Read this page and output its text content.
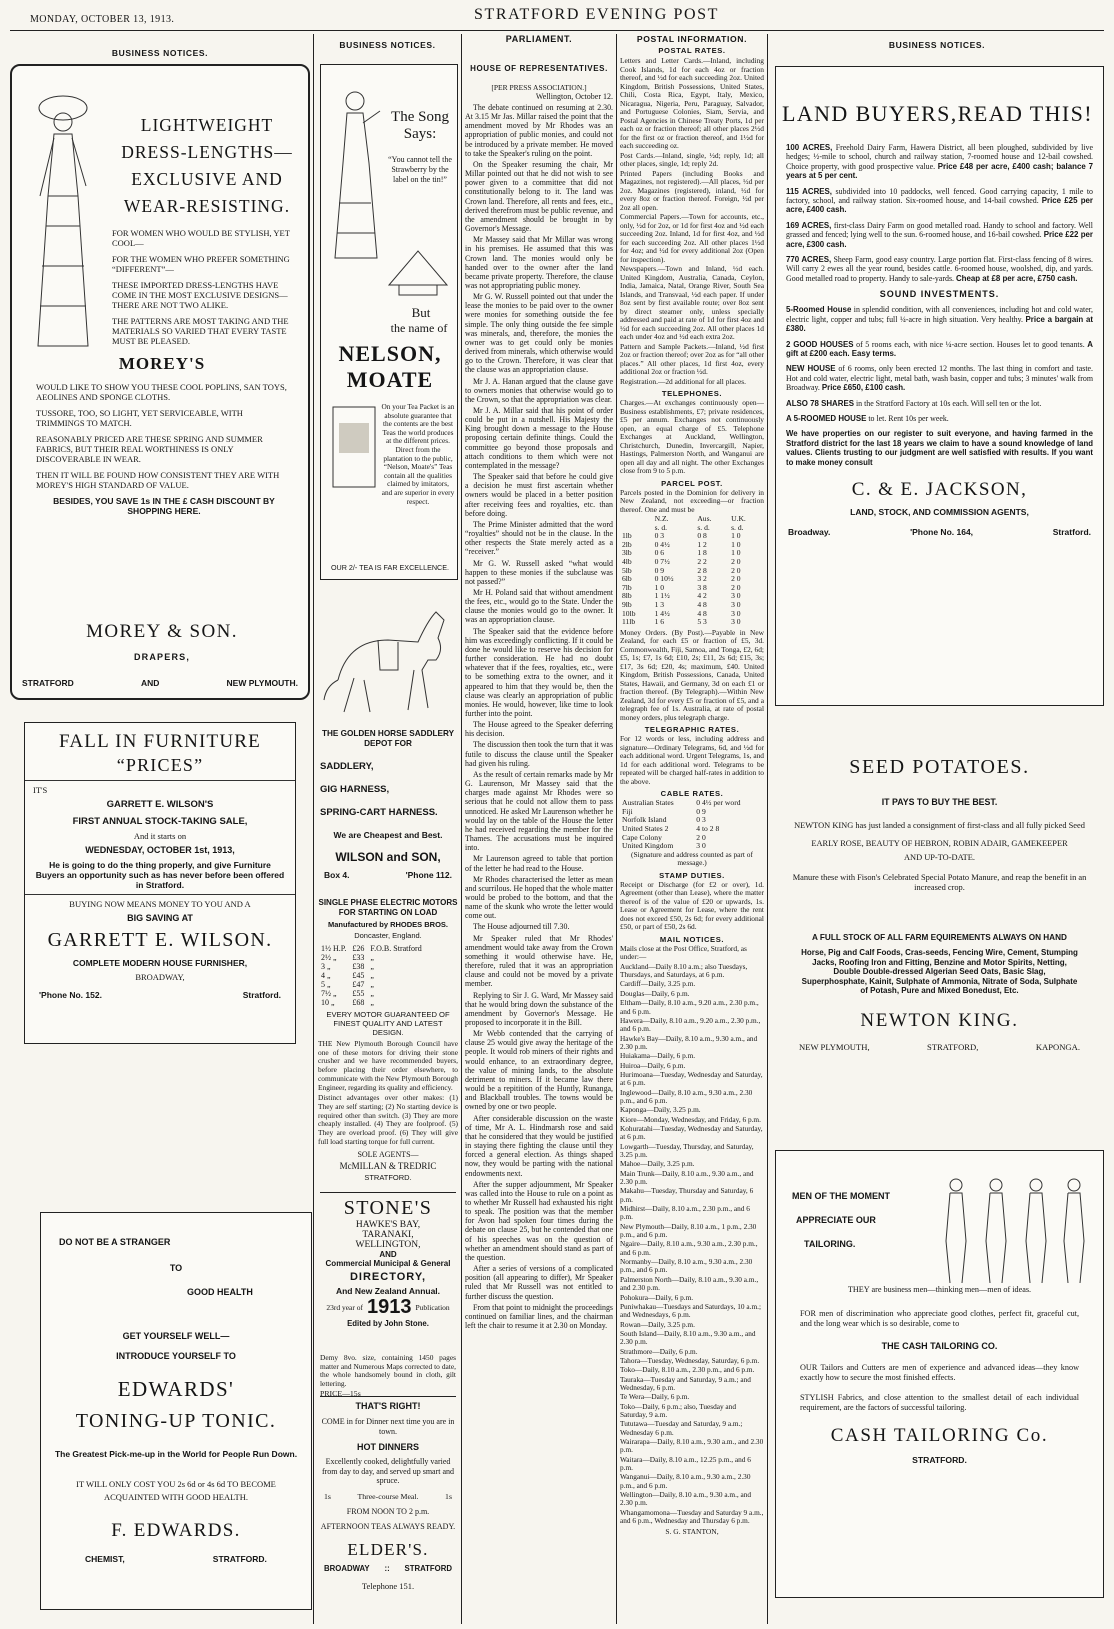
MONDAY, OCTOBER 13, 1913.	STRATFORD EVENING POST
BUSINESS NOTICES.

LIGHTWEIGHT

DRESS-LENGTHS—

EXCLUSIVE AND

WEAR-RESISTING.

FOR WOMEN WHO WOULD BE STYLISH, YET COOL—

FOR THE WOMEN WHO PREFER SOMETHING “DIFFERENT”—

THESE IMPORTED DRESS-LENGTHS HAVE COME IN THE MOST EXCLUSIVE DESIGNS—THERE ARE NOT TWO ALIKE.

THE PATTERNS ARE MOST TAKING AND THE MATERIALS SO VARIED THAT EVERY TASTE MUST BE PLEASED.

MOREY'S

WOULD LIKE TO SHOW YOU THESE COOL POPLINS, SAN TOYS, AEOLINES AND SPONGE CLOTHS.

TUSSORE, TOO, SO LIGHT, YET SERVICEABLE, WITH TRIMMINGS TO MATCH.

REASONABLY PRICED ARE THESE SPRING AND SUMMER FABRICS, BUT THEIR REAL WORTHINESS IS ONLY DISCOVERABLE IN WEAR.

THEN IT WILL BE FOUND HOW CONSISTENT THEY ARE WITH MOREY'S HIGH STANDARD OF VALUE.

BESIDES, YOU SAVE 1s IN THE £ CASH DISCOUNT BY SHOPPING HERE.

MOREY & SON.

DRAPERS,

STRATFORD	AND	NEW PLYMOUTH.

FALL IN FURNITURE

“PRICES”

IT'S

GARRETT E. WILSON'S

FIRST ANNUAL STOCK-TAKING SALE,

And it starts on

WEDNESDAY, OCTOBER 1st, 1913,

He is going to do the thing properly, and give Furniture Buyers an opportunity such as has never before been offered in Stratford.

BUYING NOW MEANS MONEY TO YOU AND A

BIG SAVING AT

GARRETT E. WILSON.

COMPLETE MODERN HOUSE FURNISHER,

BROADWAY,

'Phone No. 152.	Stratford.

DO NOT BE A STRANGER

TO

GOOD HEALTH

GET YOURSELF WELL—

INTRODUCE YOURSELF TO

EDWARDS'

TONING-UP TONIC.

The Greatest Pick-me-up in the World for People Run Down.

IT WILL ONLY COST YOU 2s 6d or 4s 6d TO BECOME ACQUAINTED WITH GOOD HEALTH.

F. EDWARDS.

CHEMIST,	STRATFORD.
BUSINESS NOTICES.

The Song

Says:

“You cannot tell the Strawberry by the label on the tin!”

But

the name of

NELSON,

MOATE

On your Tea Packet is an absolute guarantee that the contents are the best Teas the world produces at the different prices. Direct from the plantation to the public, “Nelson, Moate's” Teas contain all the qualities claimed by imitators, and are superior in every respect.

OUR 2/- TEA IS FAR EXCELLENCE.

THE GOLDEN HORSE SADDLERY DEPOT FOR

SADDLERY,

GIG HARNESS,

SPRING-CART HARNESS.

We are Cheapest and Best.

WILSON and SON,

Box 4.	'Phone 112.

SINGLE PHASE ELECTRIC MOTORS FOR STARTING ON LOAD

Manufactured by RHODES BROS.

Doncaster, England.

1½ H.P.	£26	F.O.B. Stratford
2½ „	£33	„
3 „	£38	„
4 „	£45	„
5 „	£47	„
7½ „	£55	„
10 „	£68	„

EVERY MOTOR GUARANTEED OF FINEST QUALITY AND LATEST DESIGN.

THE New Plymouth Borough Council have one of these motors for driving their stone crusher and we have recommended buyers, before placing their order elsewhere, to communicate with the New Plymouth Borough Engineer, regarding its quality and efficiency.

Distinct advantages over other makes: (1) They are self starting; (2) No starting device is required other than switch. (3) They are more cheaply installed. (4) They are foolproof. (5) They are overload proof. (6) They will give full load starting torque for full current.

SOLE AGENTS—

McMILLAN & TREDRIC

STRATFORD.

STONE'S

HAWKE'S BAY,

TARANAKI,

WELLINGTON,

AND

Commercial Municipal & General

DIRECTORY,

And New Zealand Annual.

23rd year of 1913 Publication

Edited by John Stone.

Demy 8vo. size, containing 1450 pages matter and Numerous Maps corrected to date, the whole handsomely bound in cloth, gilt lettering.

PRICE—15s

THAT'S RIGHT!

COME in for Dinner next time you are in town.

HOT DINNERS

Excellently cooked, delightfully varied from day to day, and served up smart and spruce.

1s	Three-course Meal.	1s

FROM NOON TO 2 p.m.

AFTERNOON TEAS ALWAYS READY.

ELDER'S.

BROADWAY :: STRATFORD

Telephone 151.

PARLIAMENT.

HOUSE OF REPRESENTATIVES.

[PER PRESS ASSOCIATION.]

Wellington, October 12.

The debate continued on resuming at 2.30. At 3.15 Mr Jas. Millar raised the point that the amendment moved by Mr Rhodes was an appropriation of public monies, and could not be introduced by a private member. He moved to take the Speaker's ruling on the point.

On the Speaker resuming the chair, Mr Millar pointed out that he did not wish to see power given to a committee that did not constitutionally belong to it. The land was Crown land. Therefore, all rents and fees, etc., derived therefrom must be public revenue, and the amendment should be brought in by Governor's Message.

Mr Massey said that Mr Millar was wrong in his premises. He assumed that this was Crown land. The monies would only be handed over to the owner after the land became private property. Therefore, the clause was not appropriating public money.

Mr G. W. Russell pointed out that under the lease the monies to be paid over to the owner were monies for something outside the fee simple. The only thing outside the fee simple was minerals, and, therefore, the monies the owner was to get could only be monies derived from minerals, which otherwise would go to the Crown. Therefore, it was clear that the clause was an appropriation clause.

Mr J. A. Hanan argued that the clause gave to owners monies that otherwise would go to the Crown, so that the appropriation was clear.

Mr J. A. Millar said that his point of order could be put in a nutshell. His Majesty the King brought down a message to the House proposing certain definite things. Could the committee go beyond those proposals and attach conditions to them which were not contemplated in the message?

The Speaker said that before he could give a decision he must first ascertain whether owners would be placed in a better position after receiving fees and royalties, etc. than before doing.

The Prime Minister admitted that the word “royalties” should not be in the clause. In the other respects the State merely acted as a “receiver.”

Mr G. W. Russell asked “what would happen to these monies if the subclause was not passed?”

Mr H. Poland said that without amendment the fees, etc., would go to the State. Under the clause the monies would go to the owner. It was an appropriation clause.

The Speaker said that the evidence before him was exceedingly conflicting. If it could be done he would like to reserve his decision for further consideration. He had no doubt whatever that if the fees, royalties, etc., were to be something extra to the owner, and it appeared to him that they would be, then the clause was clearly an appropriation of public monies. He would, however, like time to look further into the point.

The House agreed to the Speaker deferring his decision.

The discussion then took the turn that it was futile to discuss the clause until the Speaker had given his ruling.

As the result of certain remarks made by Mr G. Laurenson, Mr Massey said that the charges made against Mr Rhodes were so serious that he could not allow them to pass unnoticed. He asked Mr Laurenson whether he would lay on the table of the House the letter he had received regarding the member for the Thames. The accusations must be inquired into.

Mr Laurenson agreed to table that portion of the letter he had read to the House.

Mr Rhodes characterised the letter as mean and scurrilous. He hoped that the whole matter would be probed to the bottom, and that the name of the skunk who wrote the letter would come out.

The House adjourned till 7.30.

Mr Speaker ruled that Mr Rhodes' amendment would take away from the Crown something it would otherwise have. He, therefore, ruled that it was an appropriation clause and could not be moved by a private member.

Replying to Sir J. G. Ward, Mr Massey said that he would bring down the substance of the amendment by Governor's Message. He proposed to incorporate it in the Bill.

Mr Webb contended that the carrying of clause 25 would give away the heritage of the people. It would rob miners of their rights and would enhance, to an extraordinary degree, the value of mining lands, to the absolute detriment to miners. If it became law there would be a repitition of the Huntly, Runanga, and Blackball troubles. The towns would be owned by one or two people.

After considerable discussion on the waste of time, Mr A. L. Hindmarsh rose and said that he considered that they would be justified in staying there fighting the clause until they forced a general election. As things shaped now, they would be parting with the national endowments next.

After the supper adjournment, Mr Speaker was called into the House to rule on a point as to whether Mr Russell had exhausted his right to speak. The position was that the member for Avon had spoken four times during the debate on clause 25, but he contended that one of his speeches was on the question of whether an amendment should stand as part of the question.

After a series of versions of a complicated position (all appearing to differ), Mr Speaker ruled that Mr Russell was not entitled to further discuss the question.

From that point to midnight the proceedings continued on familiar lines, and the chairman left the chair to resume it at 2.30 on Monday.

POSTAL INFORMATION.

POSTAL RATES.

Letters and Letter Cards.—Inland, including Cook Islands, 1d for each 4oz or fraction thereof, and ½d for each succeeding 2oz. United Kingdom, British Possessions, United States, Chili, Costa Rica, Egypt, Italy, Mexico, Nicaragua, Nigeria, Peru, Paraguay, Salvador, and Portuguese Colonies, Siam, Servia, and Postal Agencies in Chinese Treaty Ports, 1d per each oz or fraction thereof; all other places 2½d for the first oz or fraction thereof, and 1½d for each succeeding oz.

Post Cards.—Inland, single, ½d; reply, 1d; all other places, single, 1d; reply 2d.

Printed Papers (including Books and Magazines, not registered).—All places, ½d per 2oz. Magazines (registered), inland, ½d for every 8oz or fraction thereof. Foreign, ½d per 2oz all open.

Commercial Papers.—Town for accounts, etc., only, ½d for 2oz, or 1d for first 4oz and ½d each succeeding 2oz. Inland, 1d for first 4oz, and ½d for each succeeding 2oz. All other places 1½d for 4oz; and ½d for every additional 2oz (Open for inspection).

Newspapers.—Town and Inland, ½d each. United Kingdom, Australia, Canada, Ceylon, India, Jamaica, Natal, Orange River, South Sea Islands, and Transvaal, ½d each paper. If under 8oz sent by first available route; over 8oz sent by direct steamer only, unless specially addressed and paid at rate of 1d for first 4oz and ½d for each succeeding 2oz. All other places 1d each under 4oz and ½d each extra 2oz.

Pattern and Sample Packets.—Inland, ½d first 2oz or fraction thereof; over 2oz as for “all other places.” All other places, 1d first 4oz, every additional 2oz or fraction ½d.

Registration.—2d additional for all places.

TELEPHONES.

Charges.—At exchanges continuously open—Business establishments, £7; private residences, £5 per annum. Exchanges not continuously open, an equal charge of £5. Telephone Exchanges at Auckland, Wellington, Christchurch, Dunedin, Invercargill, Napier, Hastings, Palmerston North, and Wanganui are open all day and all night. The other Exchanges close from 9 to 5 p.m.

PARCEL POST.

Parcels posted in the Dominion for delivery in New Zealand, not exceeding—or fraction thereof. One and must be

	N.Z.	Aus.	U.K.
	s. d.	s. d.	s. d.
1lb	0 3	0 8	1 0
2lb	0 4½	1 2	1 0
3lb	0 6	1 8	1 0
4lb	0 7½	2 2	2 0
5lb	0 9	2 8	2 0
6lb	0 10½	3 2	2 0
7lb	1 0	3 8	2 0
8lb	1 1½	4 2	3 0
9lb	1 3	4 8	3 0
10lb	1 4½	4 8	3 0
11lb	1 6	5 3	3 0

Money Orders. (By Post).—Payable in New Zealand, for each £5 or fraction of £5, 3d. Commonwealth, Fiji, Samoa, and Tonga, £2, 6d; £5, 1s; £7, 1s 6d; £10, 2s; £11, 2s 6d; £15, 3s; £17, 3s 6d; £20, 4s; maximum, £40. United Kingdom, British Possessions, Canada, United States, Hawaii, and Germany, 3d on each £1 or fraction thereof. (By Telegraph).—Within New Zealand, 3d for every £5 or fraction of £5, and a telegraph fee of 1s. Australia, at rate of postal money orders, plus telegraph charge.

TELEGRAPHIC RATES.

For 12 words or less, including address and signature—Ordinary Telegrams, 6d, and ½d for each additional word. Urgent Telegrams, 1s, and 1d for each additional word. Telegrams to be repeated will be charged half-rates in addition to the above.

CABLE RATES.

Australian States	0 4½ per word	
Fiji	0 9	
Norfolk Island	0 3	
United States 2	4 to 2 8	
Cape Colony	2 0	
United Kingdom	3 0	

(Signature and address counted as part of message.)

STAMP DUTIES.

Receipt or Discharge (for £2 or over), 1d. Agreement (other than Lease), where the matter thereof is of the value of £20 or upwards, 1s. Lease or Agreement for Lease, where the rent does not exceed £50, 2s 6d; for every additional £50, or part of £50, 2s 6d.

MAIL NOTICES.

Mails close at the Post Office, Stratford, as under:—

Auckland—Daily 8.10 a.m.; also Tuesdays, Thursdays, and Saturdays, at 6 p.m.

Cardiff—Daily, 3.25 p.m.

Douglas—Daily, 6 p.m.

Eltham—Daily, 8.10 a.m., 9.20 a.m., 2.30 p.m., and 6 p.m.

Hawera—Daily, 8.10 a.m., 9.20 a.m., 2.30 p.m., and 6 p.m.

Hawke's Bay—Daily, 8.10 a.m., 9.30 a.m., and 2.30 p.m.

Huiakama—Daily, 6 p.m.

Huiroa—Daily, 6 p.m.

Hurimoana—Tuesday, Wednesday and Saturday, at 6 p.m.

Inglewood—Daily, 8.10 a.m., 9.30 a.m., 2.30 p.m., and 6 p.m.

Kaponga—Daily, 3.25 p.m.

Kiore—Monday, Wednesday, and Friday, 6 p.m.

Kohuratahi—Tuesday, Wednesday and Saturday, at 6 p.m.

Lowgarth—Tuesday, Thursday, and Saturday, 3.25 p.m.

Mahoe—Daily, 3.25 p.m.

Main Trunk—Daily, 8.10 a.m., 9.30 a.m., and 2.30 p.m.

Makahu—Tuesday, Thursday and Saturday, 6 p.m.

Midhirst—Daily, 8.10 a.m., 2.30 p.m., and 6 p.m.

New Plymouth—Daily, 8.10 a.m., 1 p.m., 2.30 p.m., and 6 p.m.

Ngaire—Daily, 8.10 a.m., 9.30 a.m., 2.30 p.m., and 6 p.m.

Normanby—Daily, 8.10 a.m., 9.30 a.m., 2.30 p.m., and 6 p.m.

Palmerston North—Daily, 8.10 a.m., 9.30 a.m., and 2.30 p.m.

Pohokura—Daily, 6 p.m.

Puniwhakau—Tuesdays and Saturdays, 10 a.m.; and Wednesdays, 6 p.m.

Rowan—Daily, 3.25 p.m.

South Island—Daily, 8.10 a.m., 9.30 a.m., and 2.30 p.m.

Strathmore—Daily, 6 p.m.

Tahora—Tuesday, Wednesday, Saturday, 6 p.m.

Toko—Daily, 8.10 a.m., 2.30 p.m., and 6 p.m.

Tauraka—Tuesday and Saturday, 9 a.m.; and Wednesday, 6 p.m.

Te Wera—Daily, 6 p.m.

Toko—Daily, 6 p.m.; also, Tuesday and Saturday, 9 a.m.

Tututawa—Tuesday and Saturday, 9 a.m.; Wednesday 6 p.m.

Wairarapa—Daily, 8.10 a.m., 9.30 a.m., and 2.30 p.m.

Waitara—Daily, 8.10 a.m., 12.25 p.m., and 6 p.m.

Wanganui—Daily, 8.10 a.m., 9.30 a.m., 2.30 p.m., and 6 p.m.

Wellington—Daily, 8.10 a.m., 9.30 a.m., and 2.30 p.m.

Whangamomona—Tuesday and Saturday 9 a.m., and 6 p.m., Wednesday and Thursday 6 p.m.

S. G. STANTON,

BUSINESS NOTICES.
LAND BUYERS, READ THIS!

100 ACRES, Freehold Dairy Farm, Hawera District, all been ploughed, subdivided by live hedges; ½-mile to school, church and railway station, 7-roomed house and 12-bail cowshed. Choice property, with good prospective value. Price £48 per acre, £400 cash; balance 7 years at 5 per cent.

115 ACRES, subdivided into 10 paddocks, well fenced. Good carrying capacity, 1 mile to factory, school, and railway station. Six-roomed house, and 14-bail cowshed. Price £25 per acre, £400 cash.

169 ACRES, first-class Dairy Farm on good metalled road. Handy to school and factory. Well grassed and fenced; lying well to the sun. 6-roomed house, and 16-bail cowshed. Price £22 per acre, £300 cash.

770 ACRES, Sheep Farm, good easy country. Large portion flat. First-class fencing of 8 wires. Will carry 2 ewes all the year round, besides cattle. 6-roomed house, woolshed, dip, and yards. Good metalled road to property. Handy to sale-yards. Cheap at £8 per acre, £750 cash.

SOUND INVESTMENTS.

5-Roomed House in splendid condition, with all conveniences, including hot and cold water, electric light, copper and tubs; full ¼-acre in high situation. Very healthy. Price a bargain at £380.

2 GOOD HOUSES of 5 rooms each, with nice ¼-acre section. Houses let to good tenants. A gift at £200 each. Easy terms.

NEW HOUSE of 6 rooms, only been erected 12 months. The last thing in comfort and taste. Hot and cold water, electric light, metal bath, wash basin, copper and tubs; 3 minutes' walk from Broadway. Price £650, £100 cash.

ALSO 78 SHARES in the Stratford Factory at 10s each. Will sell ten or the lot.

A 5-ROOMED HOUSE to let. Rent 10s per week.

We have properties on our register to suit everyone, and having farmed in the Stratford district for the last 18 years we claim to have a sound knowledge of land values. Clients trusting to our judgment are well satisfied with results. If you want to make money consult

C. & E. JACKSON,

LAND, STOCK, AND COMMISSION AGENTS,

Broadway.	'Phone No. 164,	Stratford.

SEED POTATOES.

IT PAYS TO BUY THE BEST.

NEWTON KING has just landed a consignment of first-class and all fully picked Seed

EARLY ROSE, BEAUTY OF HEBRON, ROBIN ADAIR, GAMEKEEPER AND UP-TO-DATE.

Manure these with Fison's Celebrated Special Potato Manure, and reap the benefit in an increased crop.

A FULL STOCK OF ALL FARM EQUIREMENTS ALWAYS ON HAND

Horse, Pig and Calf Foods, Cras-seeds, Fencing Wire, Cement, Stumping Jacks, Roofing Iron and Fitting, Benzine and Motor Spirits, Netting, Double Double-dressed Algerian Seed Oats, Basic Slag, Superphosphate, Kainit, Sulphate of Ammonia, Nitrate of Soda, Sulphate of Potash, Pure and Mixed Bonedust, Etc.

NEWTON KING.

NEW PLYMOUTH,	STRATFORD,	KAPONGA.

MEN OF THE MOMENT

APPRECIATE OUR

TAILORING.

THEY are business men—thinking men—men of ideas.

FOR men of discrimination who appreciate good clothes, perfect fit, graceful cut, and the long wear which is so desirable, come to

THE CASH TAILORING CO.

OUR Tailors and Cutters are men of experience and advanced ideas—they know exactly how to secure the most finished effects.

STYLISH Fabrics, and close attention to the smallest detail of each individual requirement, are the factors of successful tailoring.

CASH TAILORING Co.

STRATFORD.
